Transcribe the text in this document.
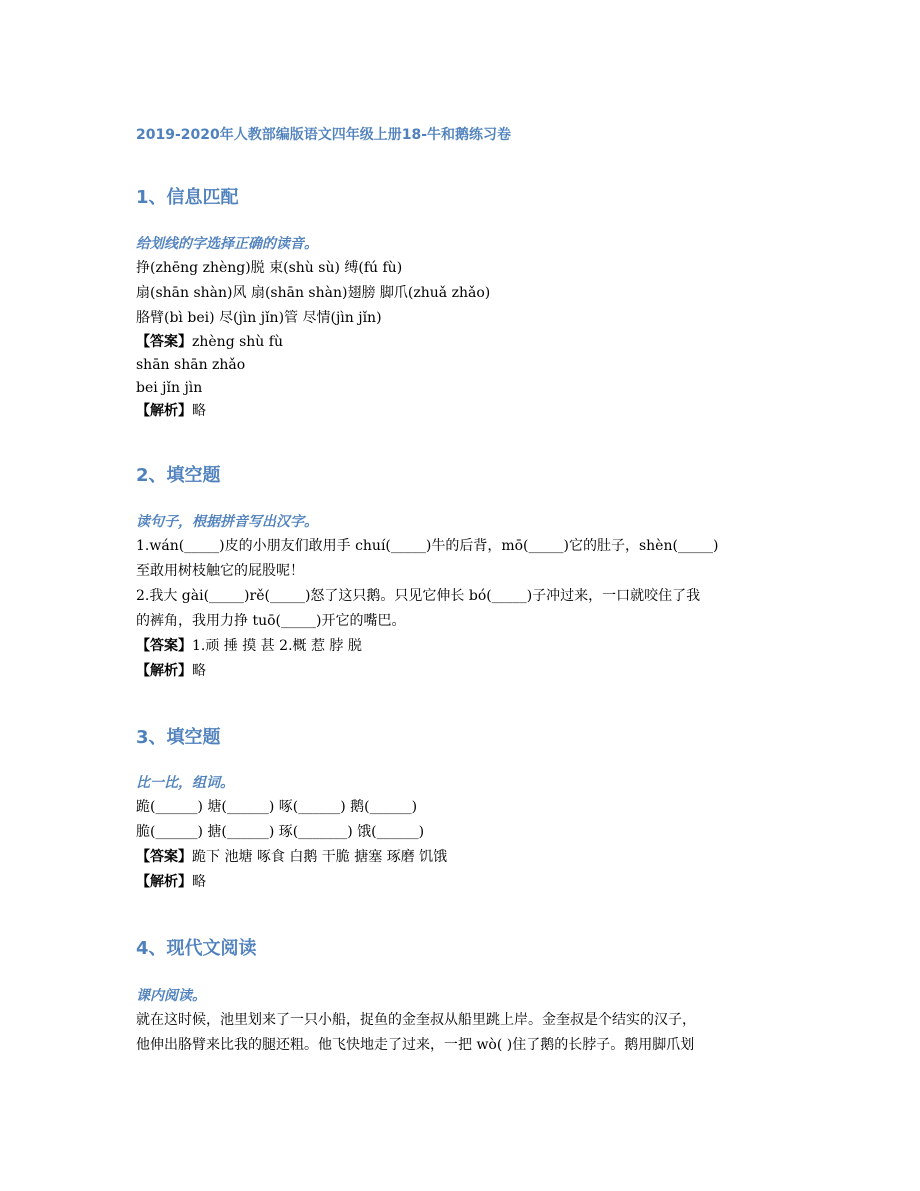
2019-2020年人教部编版语文四年级上册18-牛和鹅练习卷
1、信息匹配
给划线的字选择正确的读音。
挣(zhēng zhèng)脱 束(shù sù) 缚(fú fù)
扇(shān shàn)风 扇(shān shàn)翅膀 脚爪(zhuǎ zhǎo)
胳臂(bì bei) 尽(jìn jǐn)管 尽情(jìn jǐn)
【答案】zhèng shù fù
shān shān zhǎo
bei jǐn jìn
【解析】略
2、填空题
读句子，根据拼音写出汉字。
1.wán(_____)皮的小朋友们敢用手 chuí(_____)牛的后背，mō(_____)它的肚子，shèn(_____)
至敢用树枝触它的屁股呢！
2.我大 gài(_____)rě(_____)怒了这只鹅。只见它伸长 bó(_____)子冲过来，一口就咬住了我
的裤角，我用力挣 tuō(_____)开它的嘴巴。
【答案】1.顽 捶 摸 甚 2.概 惹 脖 脱
【解析】略
3、填空题
比一比，组词。
跪(______) 塘(______) 啄(______) 鹅(______)
脆(______) 搪(______) 琢(_______) 饿(______)
【答案】跪下 池塘 啄食 白鹅 干脆 搪塞 琢磨 饥饿
【解析】略
4、现代文阅读
课内阅读。
就在这时候，池里划来了一只小船，捉鱼的金奎叔从船里跳上岸。金奎叔是个结实的汉子，
他伸出胳臂来比我的腿还粗。他飞快地走了过来，一把 wò( )住了鹅的长脖子。鹅用脚爪划
